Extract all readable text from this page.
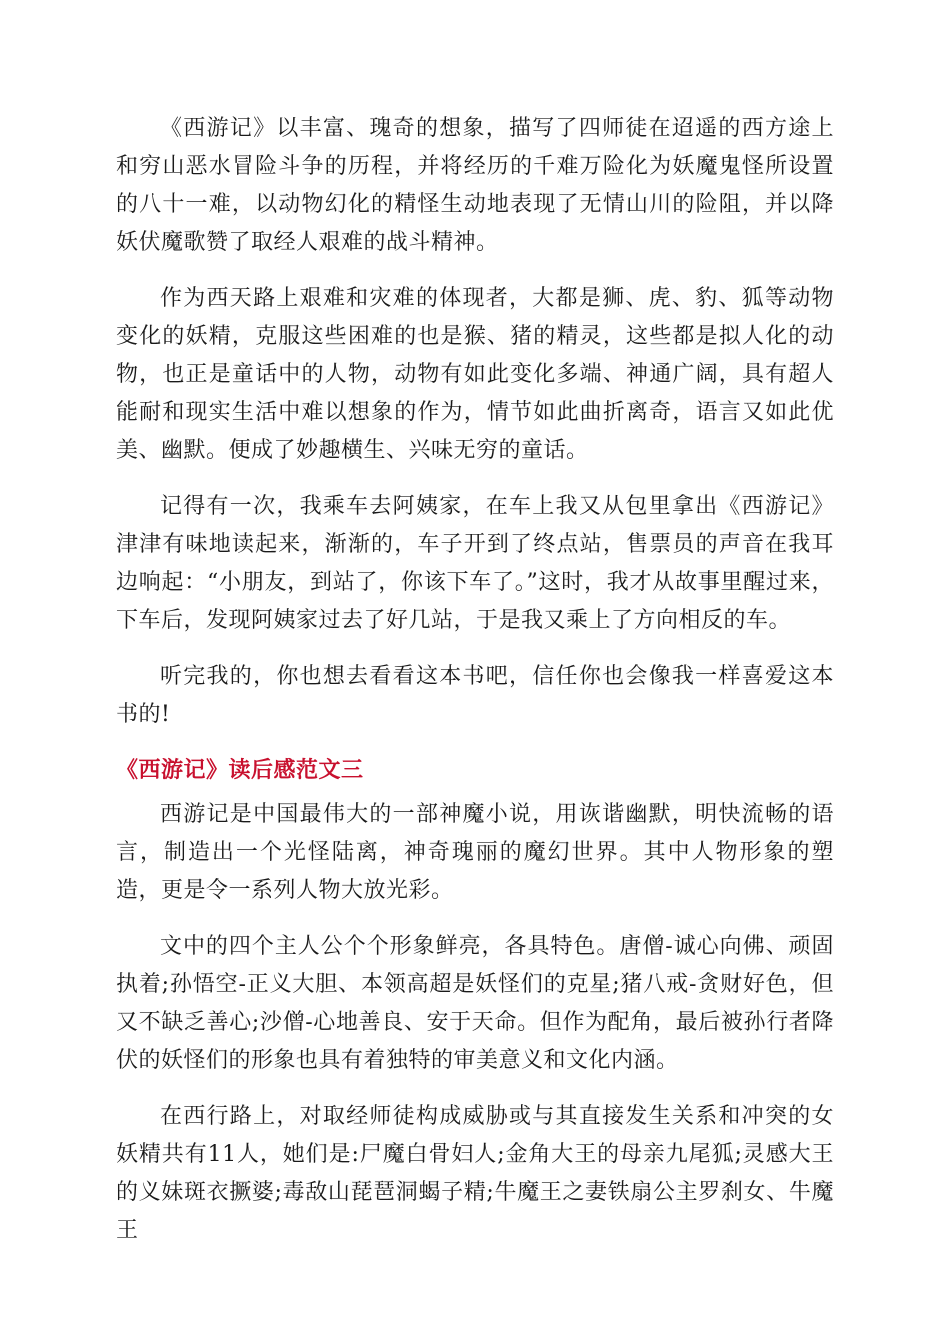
《西游记》以丰富、瑰奇的想象，描写了四师徒在迢遥的西方途上和穷山恶水冒险斗争的历程，并将经历的千难万险化为妖魔鬼怪所设置的八十一难，以动物幻化的精怪生动地表现了无情山川的险阻，并以降妖伏魔歌赞了取经人艰难的战斗精神。

作为西天路上艰难和灾难的体现者，大都是狮、虎、豹、狐等动物变化的妖精，克服这些困难的也是猴、猪的精灵，这些都是拟人化的动物，也正是童话中的人物，动物有如此变化多端、神通广阔，具有超人能耐和现实生活中难以想象的作为，情节如此曲折离奇，语言又如此优美、幽默。便成了妙趣横生、兴味无穷的童话。

记得有一次，我乘车去阿姨家，在车上我又从包里拿出《西游记》津津有味地读起来，渐渐的，车子开到了终点站，售票员的声音在我耳边响起：“小朋友，到站了，你该下车了。”这时，我才从故事里醒过来，下车后，发现阿姨家过去了好几站，于是我又乘上了方向相反的车。

听完我的，你也想去看看这本书吧，信任你也会像我一样喜爱这本书的!

《西游记》读后感范文三

西游记是中国最伟大的一部神魔小说，用诙谐幽默，明快流畅的语言，制造出一个光怪陆离，神奇瑰丽的魔幻世界。其中人物形象的塑造，更是令一系列人物大放光彩。

文中的四个主人公个个形象鲜亮，各具特色。唐僧-诚心向佛、顽固执着;孙悟空-正义大胆、本领高超是妖怪们的克星;猪八戒-贪财好色，但又不缺乏善心;沙僧-心地善良、安于天命。但作为配角，最后被孙行者降伏的妖怪们的形象也具有着独特的审美意义和文化内涵。

在西行路上，对取经师徒构成威胁或与其直接发生关系和冲突的女妖精共有11人，她们是:尸魔白骨妇人;金角大王的母亲九尾狐;灵感大王的义妹斑衣撅婆;毒敌山琵琶洞蝎子精;牛魔王之妻铁扇公主罗刹女、牛魔王
